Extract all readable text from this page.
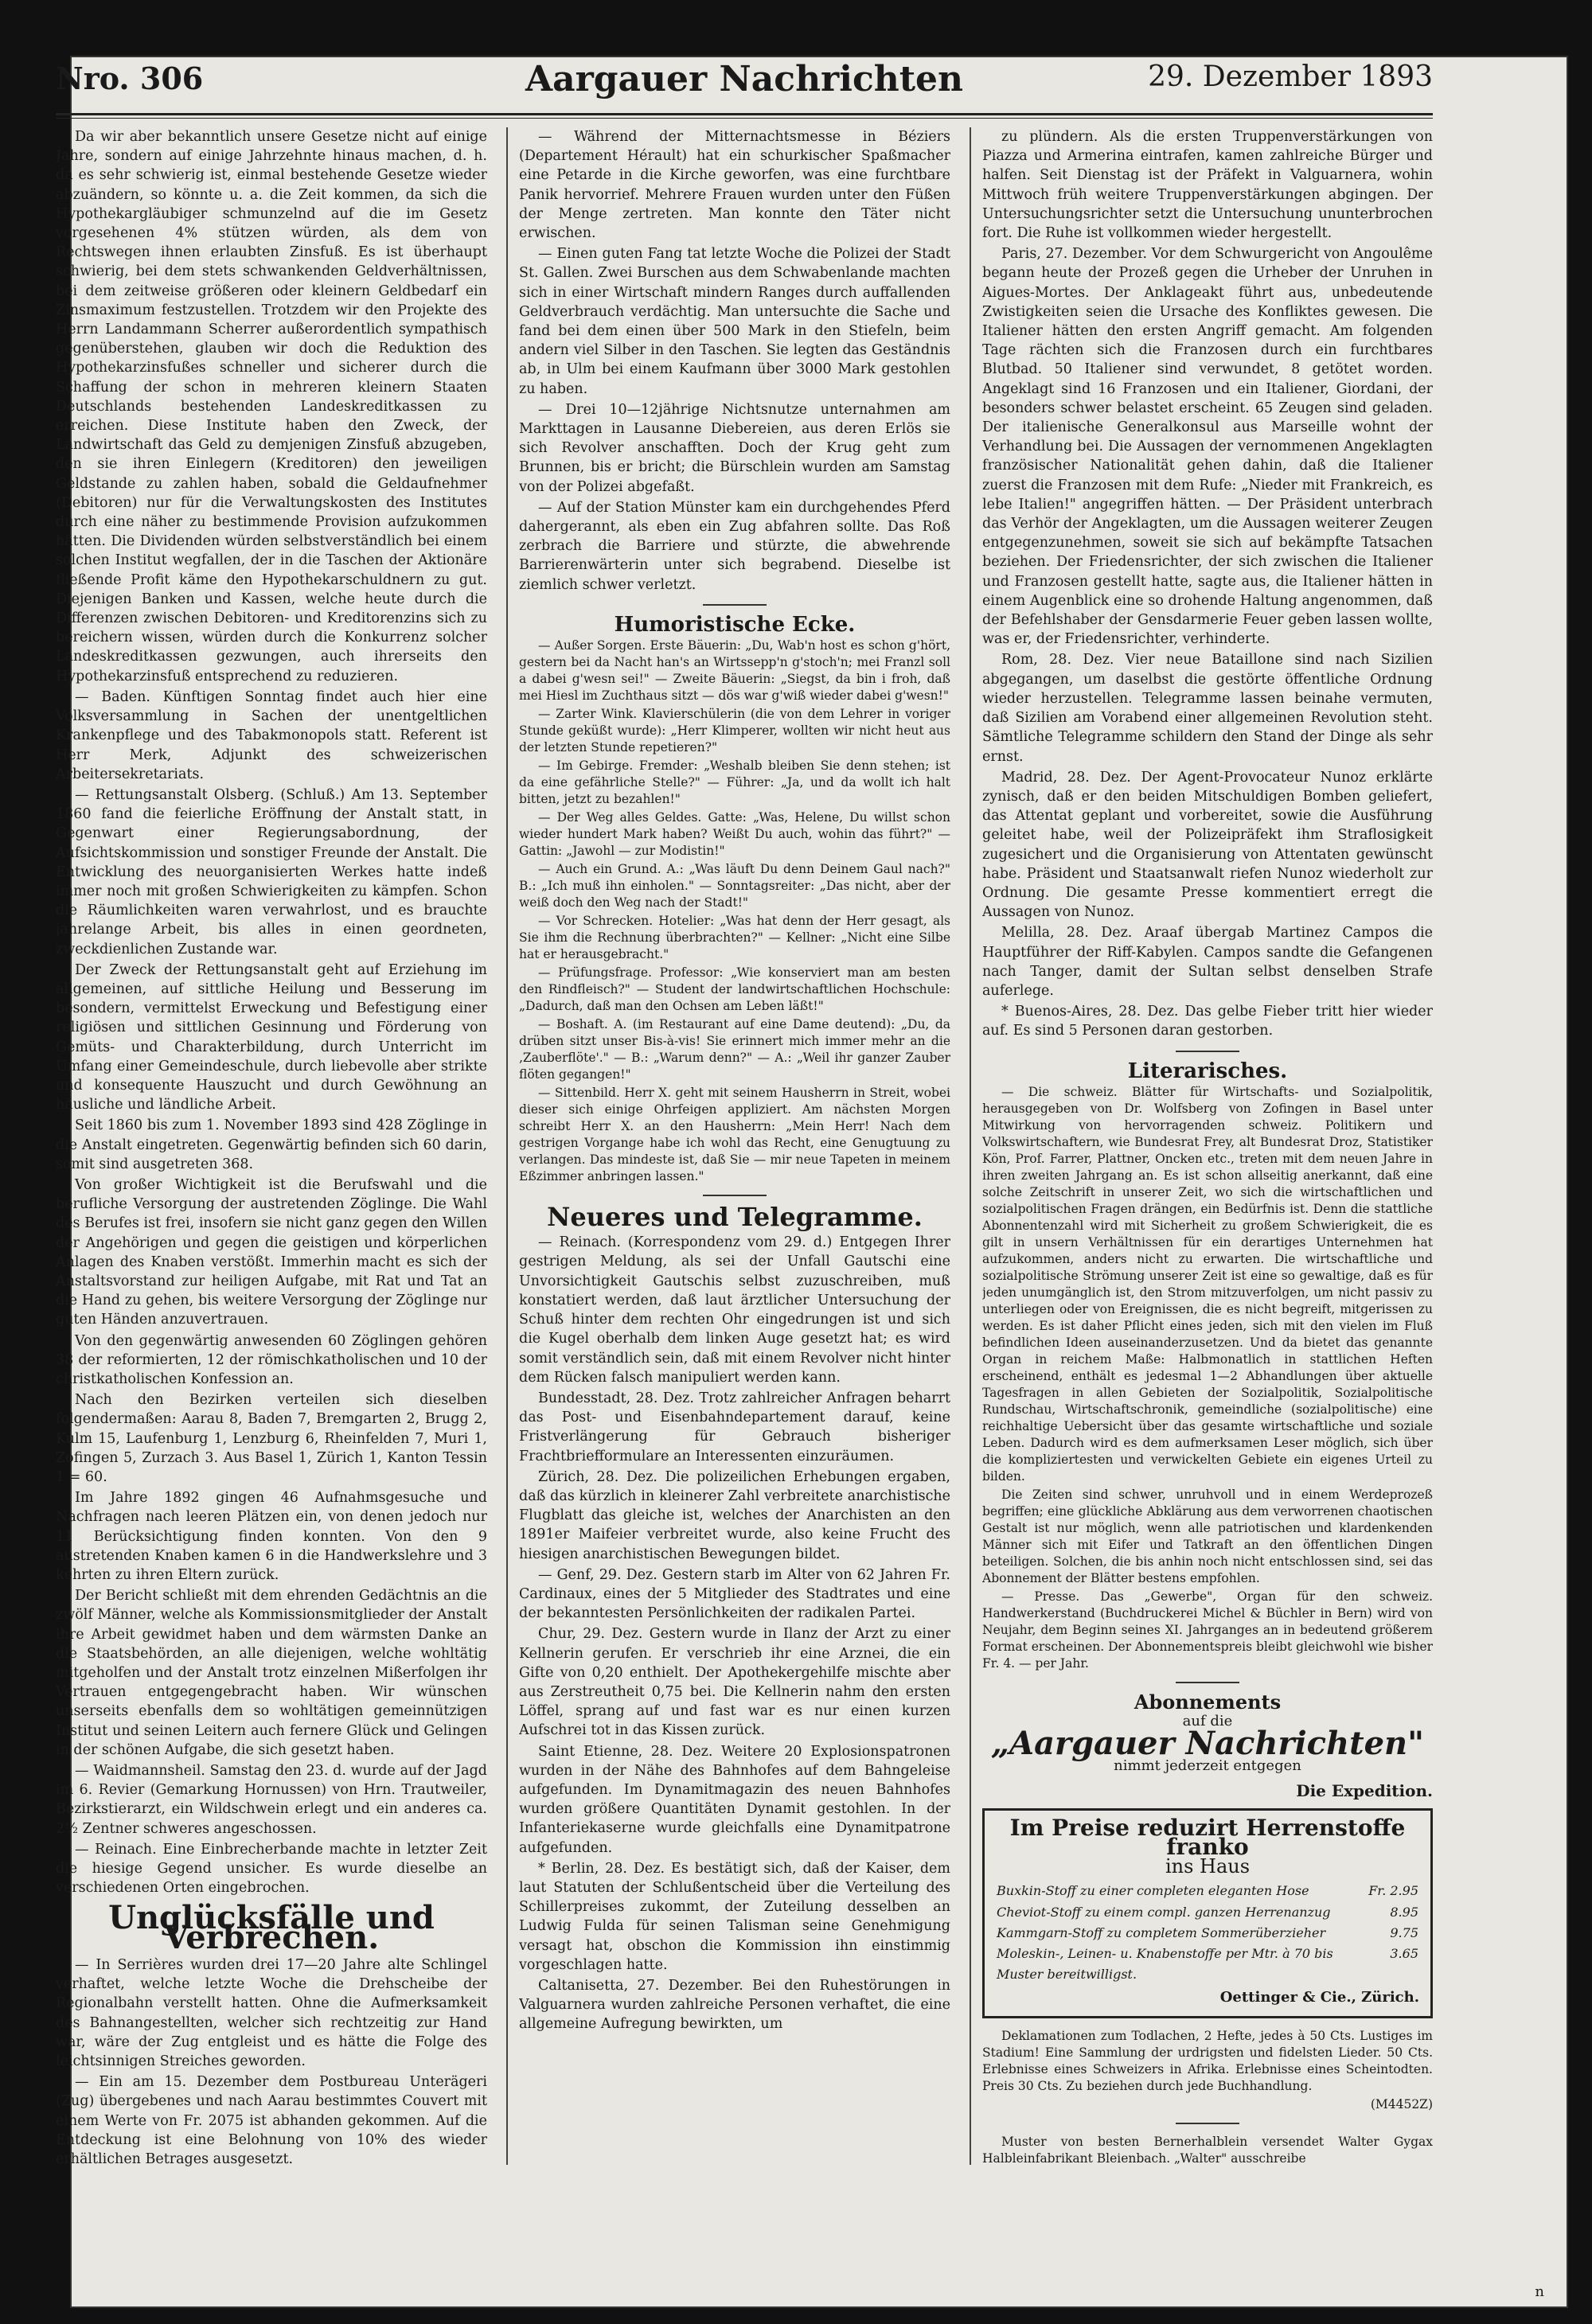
Nro. 306	Aargauer Nachrichten	29. Dezember 1893

Da wir aber bekanntlich unsere Gesetze nicht auf einige Jahre, sondern auf einige Jahrzehnte hinaus machen, d. h. da es sehr schwierig ist, einmal bestehende Gesetze wieder abzuändern, so könnte u. a. die Zeit kommen, da sich die Hypothekargläubiger schmunzelnd auf die im Gesetz vorgesehenen 4% stützen würden, als dem von Rechtswegen ihnen erlaubten Zinsfuß. Es ist überhaupt schwierig, bei dem stets schwankenden Geldverhältnissen, bei dem zeitweise größeren oder kleinern Geldbedarf ein Zinsmaximum festzustellen. Trotzdem wir den Projekte des Herrn Landammann Scherrer außerordentlich sympathisch gegenüberstehen, glauben wir doch die Reduktion des Hypothekarzinsfußes schneller und sicherer durch die Schaffung der schon in mehreren kleinern Staaten Deutschlands bestehenden Landeskreditkassen zu erreichen. Diese Institute haben den Zweck, der Landwirtschaft das Geld zu demjenigen Zinsfuß abzugeben, den sie ihren Einlegern (Kreditoren) den jeweiligen Geldstande zu zahlen haben, sobald die Geldaufnehmer (Debitoren) nur für die Verwaltungskosten des Institutes durch eine näher zu bestimmende Provision aufzukommen hätten. Die Dividenden würden selbstverständlich bei einem solchen Institut wegfallen, der in die Taschen der Aktionäre fließende Profit käme den Hypothekarschuldnern zu gut. Diejenigen Banken und Kassen, welche heute durch die Differenzen zwischen Debitoren- und Kreditorenzins sich zu bereichern wissen, würden durch die Konkurrenz solcher Landeskreditkassen gezwungen, auch ihrerseits den Hypothekarzinsfuß entsprechend zu reduzieren.

— Baden. Künftigen Sonntag findet auch hier eine Volksversammlung in Sachen der unentgeltlichen Krankenpflege und des Tabakmonopols statt. Referent ist Herr Merk, Adjunkt des schweizerischen Arbeitersekretariats.

— Rettungsanstalt Olsberg. (Schluß.) Am 13. September 1860 fand die feierliche Eröffnung der Anstalt statt, in Gegenwart einer Regierungsabordnung, der Aufsichtskommission und sonstiger Freunde der Anstalt. Die Entwicklung des neuorganisierten Werkes hatte indeß immer noch mit großen Schwierigkeiten zu kämpfen. Schon die Räumlichkeiten waren verwahrlost, und es brauchte jahrelange Arbeit, bis alles in einen geordneten, zweckdienlichen Zustande war.

Der Zweck der Rettungsanstalt geht auf Erziehung im allgemeinen, auf sittliche Heilung und Besserung im besondern, vermittelst Erweckung und Befestigung einer religiösen und sittlichen Gesinnung und Förderung von Gemüts- und Charakterbildung, durch Unterricht im Umfang einer Gemeindeschule, durch liebevolle aber strikte und konsequente Hauszucht und durch Gewöhnung an häusliche und ländliche Arbeit.

Seit 1860 bis zum 1. November 1893 sind 428 Zöglinge in die Anstalt eingetreten. Gegenwärtig befinden sich 60 darin, somit sind ausgetreten 368.

Von großer Wichtigkeit ist die Berufswahl und die berufliche Versorgung der austretenden Zöglinge. Die Wahl des Berufes ist frei, insofern sie nicht ganz gegen den Willen der Angehörigen und gegen die geistigen und körperlichen Anlagen des Knaben verstößt. Immerhin macht es sich der Anstaltsvorstand zur heiligen Aufgabe, mit Rat und Tat an die Hand zu gehen, bis weitere Versorgung der Zöglinge nur guten Händen anzuvertrauen.

Von den gegenwärtig anwesenden 60 Zöglingen gehören 38 der reformierten, 12 der römischkatholischen und 10 der christkatholischen Konfession an.

Nach den Bezirken verteilen sich dieselben folgendermaßen: Aarau 8, Baden 7, Bremgarten 2, Brugg 2, Kulm 15, Laufenburg 1, Lenzburg 6, Rheinfelden 7, Muri 1, Zofingen 5, Zurzach 3. Aus Basel 1, Zürich 1, Kanton Tessin 1 = 60.

Im Jahre 1892 gingen 46 Aufnahmsgesuche und Nachfragen nach leeren Plätzen ein, von denen jedoch nur 11 Berücksichtigung finden konnten. Von den 9 austretenden Knaben kamen 6 in die Handwerkslehre und 3 kehrten zu ihren Eltern zurück.

Der Bericht schließt mit dem ehrenden Gedächtnis an die zwölf Männer, welche als Kommissionsmitglieder der Anstalt ihre Arbeit gewidmet haben und dem wärmsten Danke an die Staatsbehörden, an alle diejenigen, welche wohltätig mitgeholfen und der Anstalt trotz einzelnen Mißerfolgen ihr Vertrauen entgegengebracht haben. Wir wünschen unserseits ebenfalls dem so wohltätigen gemeinnützigen Institut und seinen Leitern auch fernere Glück und Gelingen in der schönen Aufgabe, die sich gesetzt haben.

— Waidmannsheil. Samstag den 23. d. wurde auf der Jagd im 6. Revier (Gemarkung Hornussen) von Hrn. Trautweiler, Bezirkstierarzt, ein Wildschwein erlegt und ein anderes ca. 2½ Zentner schweres angeschossen.

— Reinach. Eine Einbrecherbande machte in letzter Zeit die hiesige Gegend unsicher. Es wurde dieselbe an verschiedenen Orten eingebrochen.

Unglücksfälle und Verbrechen.

— In Serrières wurden drei 17—20 Jahre alte Schlingel verhaftet, welche letzte Woche die Drehscheibe der Regionalbahn verstellt hatten. Ohne die Aufmerksamkeit des Bahnangestellten, welcher sich rechtzeitig zur Hand war, wäre der Zug entgleist und es hätte die Folge des leichtsinnigen Streiches geworden.

— Ein am 15. Dezember dem Postbureau Unterägeri (Zug) übergebenes und nach Aarau bestimmtes Couvert mit einem Werte von Fr. 2075 ist abhanden gekommen. Auf die Entdeckung ist eine Belohnung von 10% des wieder erhältlichen Betrages ausgesetzt.

— Während der Mitternachtsmesse in Béziers (Departement Hérault) hat ein schurkischer Spaßmacher eine Petarde in die Kirche geworfen, was eine furchtbare Panik hervorrief. Mehrere Frauen wurden unter den Füßen der Menge zertreten. Man konnte den Täter nicht erwischen.

— Einen guten Fang tat letzte Woche die Polizei der Stadt St. Gallen. Zwei Burschen aus dem Schwabenlande machten sich in einer Wirtschaft mindern Ranges durch auffallenden Geldverbrauch verdächtig. Man untersuchte die Sache und fand bei dem einen über 500 Mark in den Stiefeln, beim andern viel Silber in den Taschen. Sie legten das Geständnis ab, in Ulm bei einem Kaufmann über 3000 Mark gestohlen zu haben.

— Drei 10—12jährige Nichtsnutze unternahmen am Markttagen in Lausanne Diebereien, aus deren Erlös sie sich Revolver anschafften. Doch der Krug geht zum Brunnen, bis er bricht; die Bürschlein wurden am Samstag von der Polizei abgefaßt.

— Auf der Station Münster kam ein durchgehendes Pferd dahergerannt, als eben ein Zug abfahren sollte. Das Roß zerbrach die Barriere und stürzte, die abwehrende Barrierenwärterin unter sich begrabend. Dieselbe ist ziemlich schwer verletzt.

Humoristische Ecke.

— Außer Sorgen. Erste Bäuerin: „Du, Wab'n host es schon g'hört, gestern bei da Nacht han's an Wirtssepp'n g'stoch'n; mei Franzl soll a dabei g'wesn sei!" — Zweite Bäuerin: „Siegst, da bin i froh, daß mei Hiesl im Zuchthaus sitzt — dös war g'wiß wieder dabei g'wesn!"

— Zarter Wink. Klavierschülerin (die von dem Lehrer in voriger Stunde geküßt wurde): „Herr Klimperer, wollten wir nicht heut aus der letzten Stunde repetieren?"

— Im Gebirge. Fremder: „Weshalb bleiben Sie denn stehen; ist da eine gefährliche Stelle?" — Führer: „Ja, und da wollt ich halt bitten, jetzt zu bezahlen!"

— Der Weg alles Geldes. Gatte: „Was, Helene, Du willst schon wieder hundert Mark haben? Weißt Du auch, wohin das führt?" — Gattin: „Jawohl — zur Modistin!"

— Auch ein Grund. A.: „Was läuft Du denn Deinem Gaul nach?" B.: „Ich muß ihn einholen." — Sonntagsreiter: „Das nicht, aber der weiß doch den Weg nach der Stadt!"

— Vor Schrecken. Hotelier: „Was hat denn der Herr gesagt, als Sie ihm die Rechnung überbrachten?" — Kellner: „Nicht eine Silbe hat er herausgebracht."

— Prüfungsfrage. Professor: „Wie konserviert man am besten den Rindfleisch?" — Student der landwirtschaftlichen Hochschule: „Dadurch, daß man den Ochsen am Leben läßt!"

— Boshaft. A. (im Restaurant auf eine Dame deutend): „Du, da drüben sitzt unser Bis-à-vis! Sie erinnert mich immer mehr an die ‚Zauberflöte'." — B.: „Warum denn?" — A.: „Weil ihr ganzer Zauber flöten gegangen!"

— Sittenbild. Herr X. geht mit seinem Hausherrn in Streit, wobei dieser sich einige Ohrfeigen appliziert. Am nächsten Morgen schreibt Herr X. an den Hausherrn: „Mein Herr! Nach dem gestrigen Vorgange habe ich wohl das Recht, eine Genugtuung zu verlangen. Das mindeste ist, daß Sie — mir neue Tapeten in meinem Eßzimmer anbringen lassen."

Neueres und Telegramme.

— Reinach. (Korrespondenz vom 29. d.) Entgegen Ihrer gestrigen Meldung, als sei der Unfall Gautschi eine Unvorsichtigkeit Gautschis selbst zuzuschreiben, muß konstatiert werden, daß laut ärztlicher Untersuchung der Schuß hinter dem rechten Ohr eingedrungen ist und sich die Kugel oberhalb dem linken Auge gesetzt hat; es wird somit verständlich sein, daß mit einem Revolver nicht hinter dem Rücken falsch manipuliert werden kann.

Bundesstadt, 28. Dez. Trotz zahlreicher Anfragen beharrt das Post- und Eisenbahndepartement darauf, keine Fristverlängerung für Gebrauch bisheriger Frachtbriefformulare an Interessenten einzuräumen.

Zürich, 28. Dez. Die polizeilichen Erhebungen ergaben, daß das kürzlich in kleinerer Zahl verbreitete anarchistische Flugblatt das gleiche ist, welches der Anarchisten an den 1891er Maifeier verbreitet wurde, also keine Frucht des hiesigen anarchistischen Bewegungen bildet.

— Genf, 29. Dez. Gestern starb im Alter von 62 Jahren Fr. Cardinaux, eines der 5 Mitglieder des Stadtrates und eine der bekanntesten Persönlichkeiten der radikalen Partei.

Chur, 29. Dez. Gestern wurde in Ilanz der Arzt zu einer Kellnerin gerufen. Er verschrieb ihr eine Arznei, die ein Gifte von 0,20 enthielt. Der Apothekergehilfe mischte aber aus Zerstreutheit 0,75 bei. Die Kellnerin nahm den ersten Löffel, sprang auf und fast war es nur einen kurzen Aufschrei tot in das Kissen zurück.

Saint Etienne, 28. Dez. Weitere 20 Explosionspatronen wurden in der Nähe des Bahnhofes auf dem Bahngeleise aufgefunden. Im Dynamitmagazin des neuen Bahnhofes wurden größere Quantitäten Dynamit gestohlen. In der Infanteriekaserne wurde gleichfalls eine Dynamitpatrone aufgefunden.

* Berlin, 28. Dez. Es bestätigt sich, daß der Kaiser, dem laut Statuten der Schlußentscheid über die Verteilung des Schillerpreises zukommt, der Zuteilung desselben an Ludwig Fulda für seinen Talisman seine Genehmigung versagt hat, obschon die Kommission ihn einstimmig vorgeschlagen hatte.

Caltanisetta, 27. Dezember. Bei den Ruhestörungen in Valguarnera wurden zahlreiche Personen verhaftet, die eine allgemeine Aufregung bewirkten, um

zu plündern. Als die ersten Truppenverstärkungen von Piazza und Armerina eintrafen, kamen zahlreiche Bürger und halfen. Seit Dienstag ist der Präfekt in Valguarnera, wohin Mittwoch früh weitere Truppenverstärkungen abgingen. Der Untersuchungsrichter setzt die Untersuchung ununterbrochen fort. Die Ruhe ist vollkommen wieder hergestellt.

Paris, 27. Dezember. Vor dem Schwurgericht von Angoulême begann heute der Prozeß gegen die Urheber der Unruhen in Aigues-Mortes. Der Anklageakt führt aus, unbedeutende Zwistigkeiten seien die Ursache des Konfliktes gewesen. Die Italiener hätten den ersten Angriff gemacht. Am folgenden Tage rächten sich die Franzosen durch ein furchtbares Blutbad. 50 Italiener sind verwundet, 8 getötet worden. Angeklagt sind 16 Franzosen und ein Italiener, Giordani, der besonders schwer belastet erscheint. 65 Zeugen sind geladen. Der italienische Generalkonsul aus Marseille wohnt der Verhandlung bei. Die Aussagen der vernommenen Angeklagten französischer Nationalität gehen dahin, daß die Italiener zuerst die Franzosen mit dem Rufe: „Nieder mit Frankreich, es lebe Italien!" angegriffen hätten. — Der Präsident unterbrach das Verhör der Angeklagten, um die Aussagen weiterer Zeugen entgegenzunehmen, soweit sie sich auf bekämpfte Tatsachen beziehen. Der Friedensrichter, der sich zwischen die Italiener und Franzosen gestellt hatte, sagte aus, die Italiener hätten in einem Augenblick eine so drohende Haltung angenommen, daß der Befehlshaber der Gensdarmerie Feuer geben lassen wollte, was er, der Friedensrichter, verhinderte.

Rom, 28. Dez. Vier neue Bataillone sind nach Sizilien abgegangen, um daselbst die gestörte öffentliche Ordnung wieder herzustellen. Telegramme lassen beinahe vermuten, daß Sizilien am Vorabend einer allgemeinen Revolution steht. Sämtliche Telegramme schildern den Stand der Dinge als sehr ernst.

Madrid, 28. Dez. Der Agent-Provocateur Nunoz erklärte zynisch, daß er den beiden Mitschuldigen Bomben geliefert, das Attentat geplant und vorbereitet, sowie die Ausführung geleitet habe, weil der Polizeipräfekt ihm Straflosigkeit zugesichert und die Organisierung von Attentaten gewünscht habe. Präsident und Staatsanwalt riefen Nunoz wiederholt zur Ordnung. Die gesamte Presse kommentiert erregt die Aussagen von Nunoz.

Melilla, 28. Dez. Araaf übergab Martinez Campos die Hauptführer der Riff-Kabylen. Campos sandte die Gefangenen nach Tanger, damit der Sultan selbst denselben Strafe auferlege.

* Buenos-Aires, 28. Dez. Das gelbe Fieber tritt hier wieder auf. Es sind 5 Personen daran gestorben.

Literarisches.

— Die schweiz. Blätter für Wirtschafts- und Sozialpolitik, herausgegeben von Dr. Wolfsberg von Zofingen in Basel unter Mitwirkung von hervorragenden schweiz. Politikern und Volkswirtschaftern, wie Bundesrat Frey, alt Bundesrat Droz, Statistiker Kön, Prof. Farrer, Plattner, Oncken etc., treten mit dem neuen Jahre in ihren zweiten Jahrgang an. Es ist schon allseitig anerkannt, daß eine solche Zeitschrift in unserer Zeit, wo sich die wirtschaftlichen und sozialpolitischen Fragen drängen, ein Bedürfnis ist. Denn die stattliche Abonnentenzahl wird mit Sicherheit zu großem Schwierigkeit, die es gilt in unsern Verhältnissen für ein derartiges Unternehmen hat aufzukommen, anders nicht zu erwarten. Die wirtschaftliche und sozialpolitische Strömung unserer Zeit ist eine so gewaltige, daß es für jeden unumgänglich ist, den Strom mitzuverfolgen, um nicht passiv zu unterliegen oder von Ereignissen, die es nicht begreift, mitgerissen zu werden. Es ist daher Pflicht eines jeden, sich mit den vielen im Fluß befindlichen Ideen auseinanderzusetzen. Und da bietet das genannte Organ in reichem Maße: Halbmonatlich in stattlichen Heften erscheinend, enthält es jedesmal 1—2 Abhandlungen über aktuelle Tagesfragen in allen Gebieten der Sozialpolitik, Sozialpolitische Rundschau, Wirtschaftschronik, gemeindliche (sozialpolitische) eine reichhaltige Uebersicht über das gesamte wirtschaftliche und soziale Leben. Dadurch wird es dem aufmerksamen Leser möglich, sich über die kompliziertesten und verwickelten Gebiete ein eigenes Urteil zu bilden.

Die Zeiten sind schwer, unruhvoll und in einem Werdeprozeß begriffen; eine glückliche Abklärung aus dem verworrenen chaotischen Gestalt ist nur möglich, wenn alle patriotischen und klardenkenden Männer sich mit Eifer und Tatkraft an den öffentlichen Dingen beteiligen. Solchen, die bis anhin noch nicht entschlossen sind, sei das Abonnement der Blätter bestens empfohlen.

— Presse. Das „Gewerbe", Organ für den schweiz. Handwerkerstand (Buchdruckerei Michel & Büchler in Bern) wird von Neujahr, dem Beginn seines XI. Jahrganges an in bedeutend größerem Format erscheinen. Der Abonnementspreis bleibt gleichwohl wie bisher Fr. 4. — per Jahr.

Abonnements
auf die
„Aargauer Nachrichten"
nimmt jederzeit entgegen
Die Expedition.
Im Preise reduzirt Herrenstoffe franko
ins Haus
Buxkin-Stoff zu einer completen eleganten Hose	Fr. 2.95
Cheviot-Stoff zu einem compl. ganzen Herrenanzug	8.95
Kammgarn-Stoff zu completem Sommerüberzieher	9.75
Moleskin-, Leinen- u. Knabenstoffe per Mtr. à 70 bis	3.65
Muster bereitwilligst.	
Oettinger & Cie., Zürich.

Deklamationen zum Todlachen, 2 Hefte, jedes à 50 Cts. Lustiges im Stadium! Eine Sammlung der urdrigsten und fidelsten Lieder. 50 Cts. Erlebnisse eines Schweizers in Afrika. Erlebnisse eines Scheintodten. Preis 30 Cts. Zu beziehen durch jede Buchhandlung.

(M4452Z)

Muster von besten Bernerhalblein versendet Walter Gygax Halbleinfabrikant Bleienbach. „Walter" ausschreibe

n
